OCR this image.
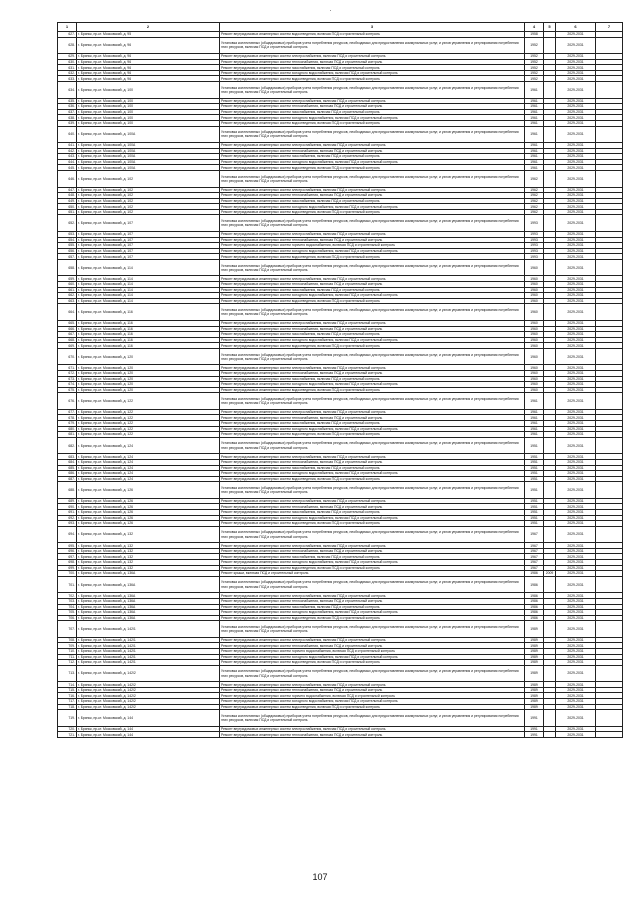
1	2	3	4	5	6	7
627.	г. Брянск, пр-кт. Московский, д. 95	Ремонт внутридомовых инженерных систем водоотведения, включая ПСД и строительный контроль	1958		2029-2031	
628.	г. Брянск, пр-кт. Московский, д. 96	Установка коллективных (общедомовых) приборов учета потребления ресурсов, необходимых для предоставления коммунальных услуг, и узлов управления и регулирования потребления этих ресурсов, включая ПСД и строительный контроль	1952		2029-2031	
629.	г. Брянск, пр-кт. Московский, д. 96	Ремонт внутридомовых инженерных систем электроснабжения, включая ПСД и строительный контроль	1952		2029-2031	
630.	г. Брянск, пр-кт. Московский, д. 96	Ремонт внутридомовых инженерных систем теплоснабжения, включая ПСД и строительный контроль	1952		2029-2031	
631.	г. Брянск, пр-кт. Московский, д. 96	Ремонт внутридомовых инженерных систем газоснабжения, включая ПСД и строительный контроль	1952		2029-2031	
632.	г. Брянск, пр-кт. Московский, д. 96	Ремонт внутридомовых инженерных систем холодного водоснабжения, включая ПСД и строительный контроль	1952		2029-2031	
633.	г. Брянск, пр-кт. Московский, д. 96	Ремонт внутридомовых инженерных систем водоотведения, включая ПСД и строительный контроль	1952		2029-2031	
634.	г. Брянск, пр-кт. Московский, д. 100	Установка коллективных (общедомовых) приборов учета потребления ресурсов, необходимых для предоставления коммунальных услуг, и узлов управления и регулирования потребления этих ресурсов, включая ПСД и строительный контроль	1961		2029-2031	
635.	г. Брянск, пр-кт. Московский, д. 100	Ремонт внутридомовых инженерных систем электроснабжения, включая ПСД и строительный контроль	1961		2029-2031	
636.	г. Брянск, пр-кт. Московский, д. 100	Ремонт внутридомовых инженерных систем теплоснабжения, включая ПСД и строительный контроль	1961		2029-2031	
637.	г. Брянск, пр-кт. Московский, д. 100	Ремонт внутридомовых инженерных систем газоснабжения, включая ПСД и строительный контроль	1961		2029-2031	
638.	г. Брянск, пр-кт. Московский, д. 100	Ремонт внутридомовых инженерных систем холодного водоснабжения, включая ПСД и строительный контроль	1961		2029-2031	
639.	г. Брянск, пр-кт. Московский, д. 100	Ремонт внутридомовых инженерных систем водоотведения, включая ПСД и строительный контроль	1961		2029-2031	
640.	г. Брянск, пр-кт. Московский, д. 100А	Установка коллективных (общедомовых) приборов учета потребления ресурсов, необходимых для предоставления коммунальных услуг, и узлов управления и регулирования потребления этих ресурсов, включая ПСД и строительный контроль	1961		2029-2031	
641.	г. Брянск, пр-кт. Московский, д. 100А	Ремонт внутридомовых инженерных систем электроснабжения, включая ПСД и строительный контроль	1961		2029-2031	
642.	г. Брянск, пр-кт. Московский, д. 100А	Ремонт внутридомовых инженерных систем теплоснабжения, включая ПСД и строительный контроль	1961		2029-2031	
643.	г. Брянск, пр-кт. Московский, д. 100А	Ремонт внутридомовых инженерных систем газоснабжения, включая ПСД и строительный контроль	1961		2029-2031	
644.	г. Брянск, пр-кт. Московский, д. 100А	Ремонт внутридомовых инженерных систем холодного водоснабжения, включая ПСД и строительный контроль	1961		2029-2031	
645.	г. Брянск, пр-кт. Московский, д. 100А	Ремонт внутридомовых инженерных систем водоотведения, включая ПСД и строительный контроль	1961		2029-2031	
646.	г. Брянск, пр-кт. Московский, д. 102	Установка коллективных (общедомовых) приборов учета потребления ресурсов, необходимых для предоставления коммунальных услуг, и узлов управления и регулирования потребления этих ресурсов, включая ПСД и строительный контроль	1962		2029-2031	
647.	г. Брянск, пр-кт. Московский, д. 102	Ремонт внутридомовых инженерных систем электроснабжения, включая ПСД и строительный контроль	1962		2029-2031	
648.	г. Брянск, пр-кт. Московский, д. 102	Ремонт внутридомовых инженерных систем теплоснабжения, включая ПСД и строительный контроль	1962		2029-2031	
649.	г. Брянск, пр-кт. Московский, д. 102	Ремонт внутридомовых инженерных систем газоснабжения, включая ПСД и строительный контроль	1962		2029-2031	
650.	г. Брянск, пр-кт. Московский, д. 102	Ремонт внутридомовых инженерных систем холодного водоснабжения, включая ПСД и строительный контроль	1962		2029-2031	
651.	г. Брянск, пр-кт. Московский, д. 102	Ремонт внутридомовых инженерных систем водоотведения, включая ПСД и строительный контроль	1962		2029-2031	
652.	г. Брянск, пр-кт. Московский, д. 107	Установка коллективных (общедомовых) приборов учета потребления ресурсов, необходимых для предоставления коммунальных услуг, и узлов управления и регулирования потребления этих ресурсов, включая ПСД и строительный контроль	1993		2029-2031	
653.	г. Брянск, пр-кт. Московский, д. 107	Ремонт внутридомовых инженерных систем электроснабжения, включая ПСД и строительный контроль	1993		2029-2031	
654.	г. Брянск, пр-кт. Московский, д. 107	Ремонт внутридомовых инженерных систем теплоснабжения, включая ПСД и строительный контроль	1993		2029-2031	
655.	г. Брянск, пр-кт. Московский, д. 107	Ремонт внутридомовых инженерных систем горячего водоснабжения, включая ПСД и строительный контроль	1993		2029-2031	
656.	г. Брянск, пр-кт. Московский, д. 107	Ремонт внутридомовых инженерных систем холодного водоснабжения, включая ПСД и строительный контроль	1993		2029-2031	
657.	г. Брянск, пр-кт. Московский, д. 107	Ремонт внутридомовых инженерных систем водоотведения, включая ПСД и строительный контроль	1993		2029-2031	
658.	г. Брянск, пр-кт. Московский, д. 114	Установка коллективных (общедомовых) приборов учета потребления ресурсов, необходимых для предоставления коммунальных услуг, и узлов управления и регулирования потребления этих ресурсов, включая ПСД и строительный контроль	1960		2029-2031	
659.	г. Брянск, пр-кт. Московский, д. 114	Ремонт внутридомовых инженерных систем электроснабжения, включая ПСД и строительный контроль	1960		2029-2031	
660.	г. Брянск, пр-кт. Московский, д. 114	Ремонт внутридомовых инженерных систем теплоснабжения, включая ПСД и строительный контроль	1960		2029-2031	
661.	г. Брянск, пр-кт. Московский, д. 114	Ремонт внутридомовых инженерных систем газоснабжения, включая ПСД и строительный контроль	1960		2029-2031	
662.	г. Брянск, пр-кт. Московский, д. 114	Ремонт внутридомовых инженерных систем холодного водоснабжения, включая ПСД и строительный контроль	1960		2029-2031	
663.	г. Брянск, пр-кт. Московский, д. 114	Ремонт внутридомовых инженерных систем водоотведения, включая ПСД и строительный контроль	1960		2029-2031	
664.	г. Брянск, пр-кт. Московский, д. 116	Установка коллективных (общедомовых) приборов учета потребления ресурсов, необходимых для предоставления коммунальных услуг, и узлов управления и регулирования потребления этих ресурсов, включая ПСД и строительный контроль	1960		2029-2031	
665.	г. Брянск, пр-кт. Московский, д. 116	Ремонт внутридомовых инженерных систем электроснабжения, включая ПСД и строительный контроль	1960		2029-2031	
666.	г. Брянск, пр-кт. Московский, д. 116	Ремонт внутридомовых инженерных систем теплоснабжения, включая ПСД и строительный контроль	1960		2029-2031	
667.	г. Брянск, пр-кт. Московский, д. 116	Ремонт внутридомовых инженерных систем газоснабжения, включая ПСД и строительный контроль	1960		2029-2031	
668.	г. Брянск, пр-кт. Московский, д. 116	Ремонт внутридомовых инженерных систем холодного водоснабжения, включая ПСД и строительный контроль	1960		2029-2031	
669.	г. Брянск, пр-кт. Московский, д. 116	Ремонт внутридомовых инженерных систем водоотведения, включая ПСД и строительный контроль	1960		2029-2031	
670.	г. Брянск, пр-кт. Московский, д. 120	Установка коллективных (общедомовых) приборов учета потребления ресурсов, необходимых для предоставления коммунальных услуг, и узлов управления и регулирования потребления этих ресурсов, включая ПСД и строительный контроль	1960		2029-2031	
671.	г. Брянск, пр-кт. Московский, д. 120	Ремонт внутридомовых инженерных систем электроснабжения, включая ПСД и строительный контроль	1960		2029-2031	
672.	г. Брянск, пр-кт. Московский, д. 120	Ремонт внутридомовых инженерных систем теплоснабжения, включая ПСД и строительный контроль	1960		2029-2031	
673.	г. Брянск, пр-кт. Московский, д. 120	Ремонт внутридомовых инженерных систем газоснабжения, включая ПСД и строительный контроль	1960		2029-2031	
674.	г. Брянск, пр-кт. Московский, д. 120	Ремонт внутридомовых инженерных систем холодного водоснабжения, включая ПСД и строительный контроль	1960		2029-2031	
675.	г. Брянск, пр-кт. Московский, д. 120	Ремонт внутридомовых инженерных систем водоотведения, включая ПСД и строительный контроль	1960		2029-2031	
676.	г. Брянск, пр-кт. Московский, д. 122	Установка коллективных (общедомовых) приборов учета потребления ресурсов, необходимых для предоставления коммунальных услуг, и узлов управления и регулирования потребления этих ресурсов, включая ПСД и строительный контроль	1961		2029-2031	
677.	г. Брянск, пр-кт. Московский, д. 122	Ремонт внутридомовых инженерных систем электроснабжения, включая ПСД и строительный контроль	1961		2029-2031	
678.	г. Брянск, пр-кт. Московский, д. 122	Ремонт внутридомовых инженерных систем теплоснабжения, включая ПСД и строительный контроль	1961		2029-2031	
679.	г. Брянск, пр-кт. Московский, д. 122	Ремонт внутридомовых инженерных систем газоснабжения, включая ПСД и строительный контроль	1961		2029-2031	
680.	г. Брянск, пр-кт. Московский, д. 122	Ремонт внутридомовых инженерных систем холодного водоснабжения, включая ПСД и строительный контроль	1961		2029-2031	
681.	г. Брянск, пр-кт. Московский, д. 122	Ремонт внутридомовых инженерных систем водоотведения, включая ПСД и строительный контроль	1961		2029-2031	
682.	г. Брянск, пр-кт. Московский, д. 124	Установка коллективных (общедомовых) приборов учета потребления ресурсов, необходимых для предоставления коммунальных услуг, и узлов управления и регулирования потребления этих ресурсов, включая ПСД и строительный контроль	1951		2029-2031	
683.	г. Брянск, пр-кт. Московский, д. 124	Ремонт внутридомовых инженерных систем электроснабжения, включая ПСД и строительный контроль	1951		2029-2031	
684.	г. Брянск, пр-кт. Московский, д. 124	Ремонт внутридомовых инженерных систем теплоснабжения, включая ПСД и строительный контроль	1951		2029-2031	
685.	г. Брянск, пр-кт. Московский, д. 124	Ремонт внутридомовых инженерных систем газоснабжения, включая ПСД и строительный контроль	1951		2029-2031	
686.	г. Брянск, пр-кт. Московский, д. 124	Ремонт внутридомовых инженерных систем холодного водоснабжения, включая ПСД и строительный контроль	1951		2029-2031	
687.	г. Брянск, пр-кт. Московский, д. 124	Ремонт внутридомовых инженерных систем водоотведения, включая ПСД и строительный контроль	1951		2029-2031	
688.	г. Брянск, пр-кт. Московский, д. 126	Установка коллективных (общедомовых) приборов учета потребления ресурсов, необходимых для предоставления коммунальных услуг, и узлов управления и регулирования потребления этих ресурсов, включая ПСД и строительный контроль	1951		2029-2031	
689.	г. Брянск, пр-кт. Московский, д. 126	Ремонт внутридомовых инженерных систем электроснабжения, включая ПСД и строительный контроль	1951		2029-2031	
690.	г. Брянск, пр-кт. Московский, д. 126	Ремонт внутридомовых инженерных систем теплоснабжения, включая ПСД и строительный контроль	1951		2029-2031	
691.	г. Брянск, пр-кт. Московский, д. 126	Ремонт внутридомовых инженерных систем газоснабжения, включая ПСД и строительный контроль	1951		2029-2031	
692.	г. Брянск, пр-кт. Московский, д. 126	Ремонт внутридомовых инженерных систем холодного водоснабжения, включая ПСД и строительный контроль	1951		2029-2031	
693.	г. Брянск, пр-кт. Московский, д. 126	Ремонт внутридомовых инженерных систем водоотведения, включая ПСД и строительный контроль	1951		2029-2031	
694.	г. Брянск, пр-кт. Московский, д. 132	Установка коллективных (общедомовых) приборов учета потребления ресурсов, необходимых для предоставления коммунальных услуг, и узлов управления и регулирования потребления этих ресурсов, включая ПСД и строительный контроль	1967		2029-2031	
695.	г. Брянск, пр-кт. Московский, д. 132	Ремонт внутридомовых инженерных систем электроснабжения, включая ПСД и строительный контроль	1967		2029-2031	
696.	г. Брянск, пр-кт. Московский, д. 132	Ремонт внутридомовых инженерных систем теплоснабжения, включая ПСД и строительный контроль	1967		2029-2031	
697.	г. Брянск, пр-кт. Московский, д. 132	Ремонт внутридомовых инженерных систем газоснабжения, включая ПСД и строительный контроль	1967		2029-2031	
698.	г. Брянск, пр-кт. Московский, д. 132	Ремонт внутридомовых инженерных систем холодного водоснабжения, включая ПСД и строительный контроль	1967		2029-2031	
699.	г. Брянск, пр-кт. Московский, д. 132	Ремонт внутридомовых инженерных систем водоотведения, включая ПСД и строительный контроль	1967		2029-2031	
700.	г. Брянск, пр-кт. Московский, д. 136А	Ремонт крыши, включая ПСД и строительный контроль	1986	2009	2029-2031	
701.	г. Брянск, пр-кт. Московский, д. 136А	Установка коллективных (общедомовых) приборов учета потребления ресурсов, необходимых для предоставления коммунальных услуг, и узлов управления и регулирования потребления этих ресурсов, включая ПСД и строительный контроль	1986		2029-2031	
702.	г. Брянск, пр-кт. Московский, д. 136А	Ремонт внутридомовых инженерных систем электроснабжения, включая ПСД и строительный контроль	1986		2029-2031	
703.	г. Брянск, пр-кт. Московский, д. 136А	Ремонт внутридомовых инженерных систем теплоснабжения, включая ПСД и строительный контроль	1986		2029-2031	
704.	г. Брянск, пр-кт. Московский, д. 136А	Ремонт внутридомовых инженерных систем газоснабжения, включая ПСД и строительный контроль	1986		2029-2031	
705.	г. Брянск, пр-кт. Московский, д. 136А	Ремонт внутридомовых инженерных систем холодного водоснабжения, включая ПСД и строительный контроль	1986		2029-2031	
706.	г. Брянск, пр-кт. Московский, д. 136А	Ремонт внутридомовых инженерных систем водоотведения, включая ПСД и строительный контроль	1986		2029-2031	
707.	г. Брянск, пр-кт. Московский, д. 142/1	Установка коллективных (общедомовых) приборов учета потребления ресурсов, необходимых для предоставления коммунальных услуг, и узлов управления и регулирования потребления этих ресурсов, включая ПСД и строительный контроль	1989		2029-2031	
708.	г. Брянск, пр-кт. Московский, д. 142/1	Ремонт внутридомовых инженерных систем электроснабжения, включая ПСД и строительный контроль	1989		2029-2031	
709.	г. Брянск, пр-кт. Московский, д. 142/1	Ремонт внутридомовых инженерных систем теплоснабжения, включая ПСД и строительный контроль	1989		2029-2031	
710.	г. Брянск, пр-кт. Московский, д. 142/1	Ремонт внутридомовых инженерных систем горячего водоснабжения, включая ПСД и строительный контроль	1989		2029-2031	
711.	г. Брянск, пр-кт. Московский, д. 142/1	Ремонт внутридомовых инженерных систем холодного водоснабжения, включая ПСД и строительный контроль	1989		2029-2031	
712.	г. Брянск, пр-кт. Московский, д. 142/1	Ремонт внутридомовых инженерных систем водоотведения, включая ПСД и строительный контроль	1989		2029-2031	
713.	г. Брянск, пр-кт. Московский, д. 142/2	Установка коллективных (общедомовых) приборов учета потребления ресурсов, необходимых для предоставления коммунальных услуг, и узлов управления и регулирования потребления этих ресурсов, включая ПСД и строительный контроль	1989		2029-2031	
714.	г. Брянск, пр-кт. Московский, д. 142/2	Ремонт внутридомовых инженерных систем электроснабжения, включая ПСД и строительный контроль	1989		2029-2031	
715.	г. Брянск, пр-кт. Московский, д. 142/2	Ремонт внутридомовых инженерных систем теплоснабжения, включая ПСД и строительный контроль	1989		2029-2031	
716.	г. Брянск, пр-кт. Московский, д. 142/2	Ремонт внутридомовых инженерных систем горячего водоснабжения, включая ПСД и строительный контроль	1989		2029-2031	
717.	г. Брянск, пр-кт. Московский, д. 142/2	Ремонт внутридомовых инженерных систем холодного водоснабжения, включая ПСД и строительный контроль	1989		2029-2031	
718.	г. Брянск, пр-кт. Московский, д. 142/2	Ремонт внутридомовых инженерных систем водоотведения, включая ПСД и строительный контроль	1989		2029-2031	
719.	г. Брянск, пр-кт. Московский, д. 144	Установка коллективных (общедомовых) приборов учета потребления ресурсов, необходимых для предоставления коммунальных услуг, и узлов управления и регулирования потребления этих ресурсов, включая ПСД и строительный контроль	1991		2029-2031	
720.	г. Брянск, пр-кт. Московский, д. 144	Ремонт внутридомовых инженерных систем электроснабжения, включая ПСД и строительный контроль	1991		2029-2031	
721.	г. Брянск, пр-кт. Московский, д. 144	Ремонт внутридомовых инженерных систем теплоснабжения, включая ПСД и строительный контроль	1991		2029-2031	
107
